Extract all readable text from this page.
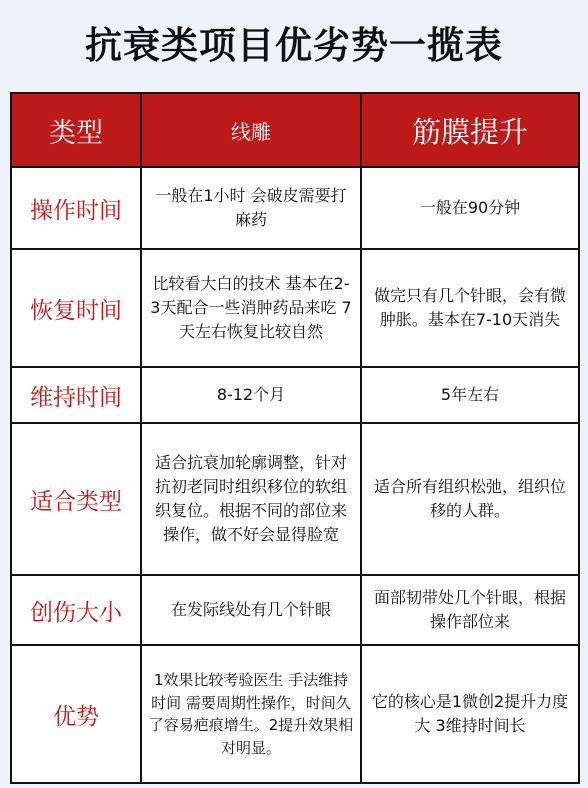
抗衰类项目优劣势一揽表
类型	线雕	筋膜提升
操作时间	一般在1小时 会破皮需要打麻药	一般在90分钟
恢复时间	比较看大白的技术 基本在2-3天配合一些消肿药品来吃 7天左右恢复比较自然	做完只有几个针眼，会有微肿胀。基本在7-10天消失
维持时间	8-12个月	5年左右
适合类型	适合抗衰加轮廓调整，针对抗初老同时组织移位的软组织复位。根据不同的部位来操作，做不好会显得脸宽	适合所有组织松弛，组织位移的人群。
创伤大小	在发际线处有几个针眼	面部韧带处几个针眼，根据操作部位来
优势	1效果比较考验医生 手法维持时间 需要周期性操作，时间久了容易疤痕增生。2提升效果相对明显。	它的核心是1微创2提升力度大 3维持时间长
